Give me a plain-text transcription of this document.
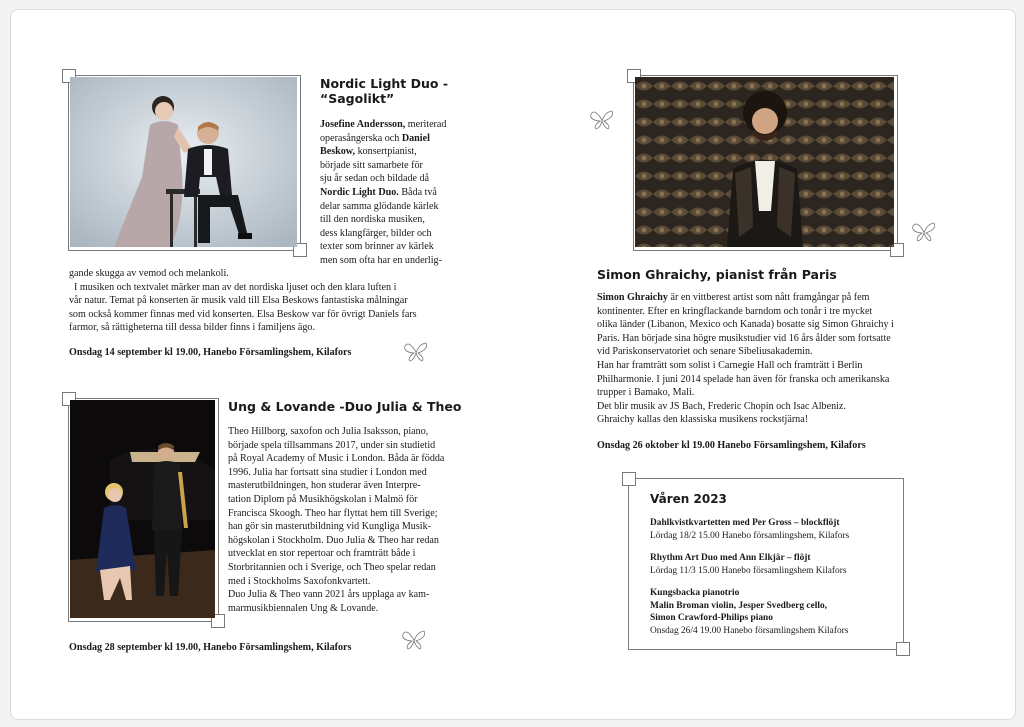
Nordic Light Duo -
“Sagolikt”
Josefine Andersson, meriterad
operasångerska och Daniel
Beskow, konsertpianist,
började sitt samarbete för
sju år sedan och bildade då
Nordic Light Duo. Båda två
delar samma glödande kärlek
till den nordiska musiken,
dess klangfärger, bilder och
texter som brinner av kärlek
men som ofta har en underlig-
gande skugga av vemod och melankoli.
I musiken och textvalet märker man av det nordiska ljuset och den klara luften i
vår natur. Temat på konserten är musik vald till Elsa Beskows fantastiska målningar
som också kommer finnas med vid konserten. Elsa Beskow var för övrigt Daniels fars
farmor, så rättigheterna till dessa bilder finns i familjens ägo.
Onsdag 14 september kl 19.00, Hanebo Församlingshem, Kilafors
Ung & Lovande -Duo Julia & Theo
Theo Hillborg, saxofon och Julia Isaksson, piano,
började spela tillsammans 2017, under sin studietid
på Royal Academy of Music i London. Båda är födda
1996. Julia har fortsatt sina studier i London med
masterutbildningen, hon studerar även Interpre-
tation Diplom på Musikhögskolan i Malmö för
Francisca Skoogh. Theo har flyttat hem till Sverige;
han gör sin masterutbildning vid Kungliga Musik-
högskolan i Stockholm. Duo Julia & Theo har redan
utvecklat en stor repertoar och framträtt både i
Storbritannien och i Sverige, och Theo spelar redan
med i Stockholms Saxofonkvartett.
Duo Julia & Theo vann 2021 års upplaga av kam-
marmusikbiennalen Ung & Lovande.
Onsdag 28 september kl 19.00, Hanebo Församlingshem, Kilafors
Simon Ghraichy, pianist från Paris
Simon Ghraichy är en vittberest artist som nått framgångar på fem
kontinenter. Efter en kringflackande barndom och tonår i tre mycket
olika länder (Libanon, Mexico och Kanada) bosatte sig Simon Ghraichy i
Paris. Han började sina högre musikstudier vid 16 års ålder som fortsatte
vid Pariskonservatoriet och senare Sibeliusakademin.
Han har framträtt som solist i Carnegie Hall och framträtt i Berlin
Philharmonie. I juni 2014 spelade han även för franska och amerikanska
trupper i Bamako, Mali.
Det blir musik av JS Bach, Frederic Chopin och Isac Albeniz.
Ghraichy kallas den klassiska musikens rockstjärna!
Onsdag 26 oktober kl 19.00 Hanebo Församlingshem, Kilafors
Våren 2023
Dahlkvistkvartetten med Per Gross – blockflöjt
Lördag 18/2 15.00 Hanebo församlingshem, Kilafors
Rhythm Art Duo med Ann Elkjär – flöjt
Lördag 11/3 15.00 Hanebo församlingshem Kilafors
Kungsbacka pianotrio
Malin Broman violin, Jesper Svedberg cello,
Simon Crawford-Philips piano
Onsdag 26/4 19.00 Hanebo församlingshem Kilafors
